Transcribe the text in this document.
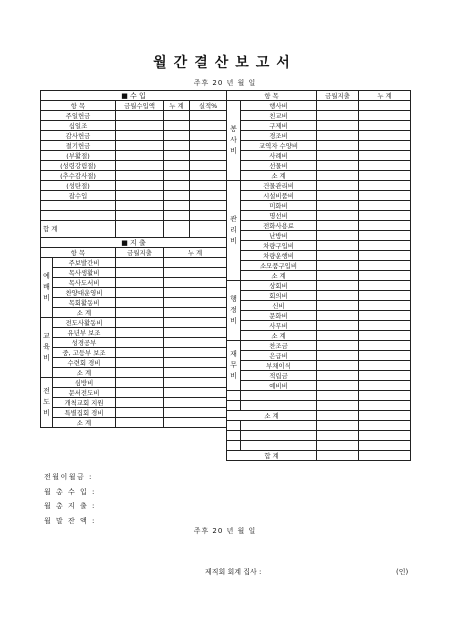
월간결산보고서
주후 20 년 월 일
■ 수 입				
항 목		금월수입액	누 계	실적%
주일헌금				
십일조				
감사헌금				
절기헌금				
(부활절)				
(성령강림절)				
(추수감사절)				
(성탄절)				
잡수입				

합 계				
■ 지 출				
항 목		금월지출	누 계	
예
배
비	주보발간비			
	목사생활비			
	목사도서비			
	찬양대운영비			
	목회활동비			
	소 계			
교
육
비	전도사활동비			
	유년부 보조			
	성경공부			
	중, 고등부 보조			
	수련회 경비			
	소 계			
전
도
비	심방비			
	문서전도비			
	개척교회 지원			
	특별집회 경비			
	소 계			
항 목		금월지출	누 계
봉
사
비	행사비		
	친교비		
	구제비		
	경조비		
	교역자 수양비		
	사례비		
	선물비		
	소 계		
관
리
비	건물관리비		
	시설비품비		
	미화비		
	명선비		
	전화사용료		
	난방비		
	차량구입비		
	차량운행비		
	소모품구입비		
	소 계		
행
정
비	상회비		
	회의비		
	신비		
	문화비		
	사무비		
	소 계		
재
무
비	찬조금		
	은급비		
	부채이식		
	적립금		
	예비비		

소 계			

합 계			
전월이월금 :
월 총 수 입 :
월 총 지 출 :
월 말 잔 액 :
주후 20 년 월 일
제직회 회계 집사 :	(인)
